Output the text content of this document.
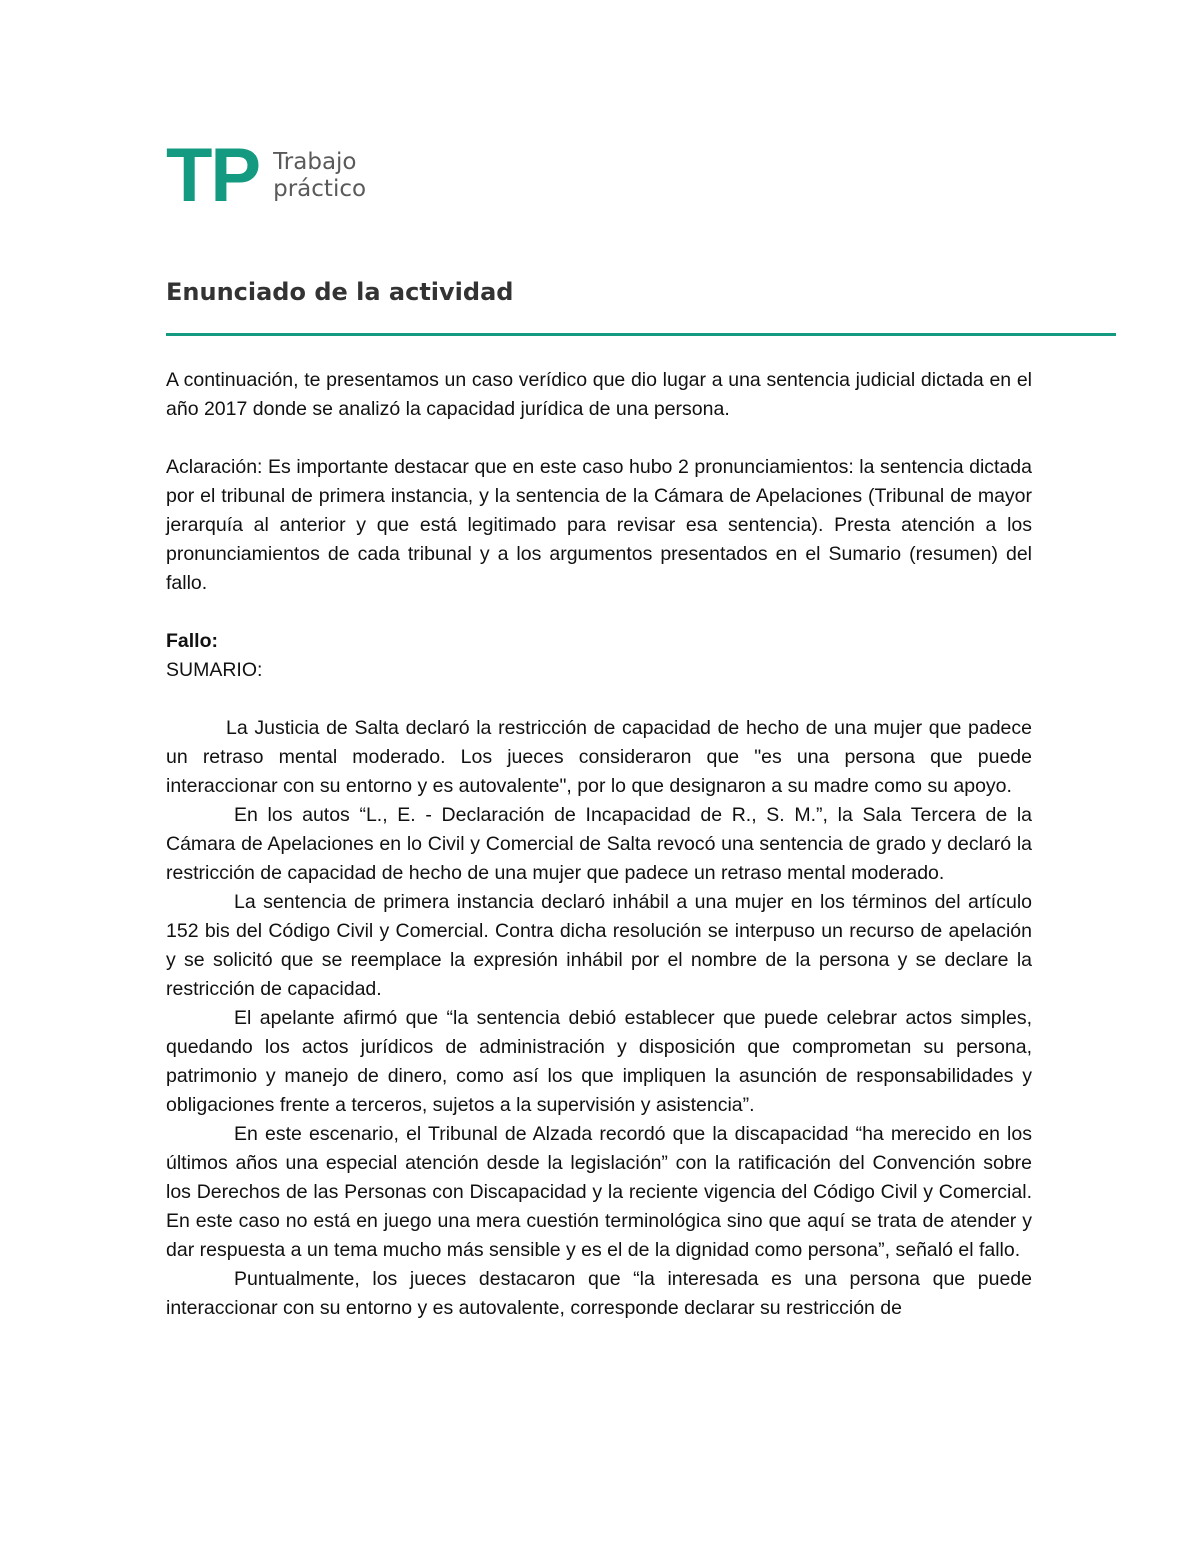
TP Trabajo
práctico
Enunciado de la actividad

A continuación, te presentamos un caso verídico que dio lugar a una sentencia judicial dictada en el año 2017 donde se analizó la capacidad jurídica de una persona.

Aclaración: Es importante destacar que en este caso hubo 2 pronunciamientos: la sentencia dictada por el tribunal de primera instancia, y la sentencia de la Cámara de Apelaciones (Tribunal de mayor jerarquía al anterior y que está legitimado para revisar esa sentencia). Presta atención a los pronunciamientos de cada tribunal y a los argumentos presentados en el Sumario (resumen) del fallo.

Fallo:

SUMARIO:

La Justicia de Salta declaró la restricción de capacidad de hecho de una mujer que padece un retraso mental moderado. Los jueces consideraron que "es una persona que puede interaccionar con su entorno y es autovalente", por lo que designaron a su madre como su apoyo.

En los autos “L., E. - Declaración de Incapacidad de R., S. M.”, la Sala Tercera de la Cámara de Apelaciones en lo Civil y Comercial de Salta revocó una sentencia de grado y declaró la restricción de capacidad de hecho de una mujer que padece un retraso mental moderado.

La sentencia de primera instancia declaró inhábil a una mujer en los términos del artículo 152 bis del Código Civil y Comercial. Contra dicha resolución se interpuso un recurso de apelación y se solicitó que se reemplace la expresión inhábil por el nombre de la persona y se declare la restricción de capacidad.

El apelante afirmó que “la sentencia debió establecer que puede celebrar actos simples, quedando los actos jurídicos de administración y disposición que comprometan su persona, patrimonio y manejo de dinero, como así los que impliquen la asunción de responsabilidades y obligaciones frente a terceros, sujetos a la supervisión y asistencia”.

En este escenario, el Tribunal de Alzada recordó que la discapacidad “ha merecido en los últimos años una especial atención desde la legislación” con la ratificación del Convención sobre los Derechos de las Personas con Discapacidad y la reciente vigencia del Código Civil y Comercial. En este caso no está en juego una mera cuestión terminológica sino que aquí se trata de atender y dar respuesta a un tema mucho más sensible y es el de la dignidad como persona”, señaló el fallo.

Puntualmente, los jueces destacaron que “la interesada es una persona que puede interaccionar con su entorno y es autovalente, corresponde declarar su restricción de
